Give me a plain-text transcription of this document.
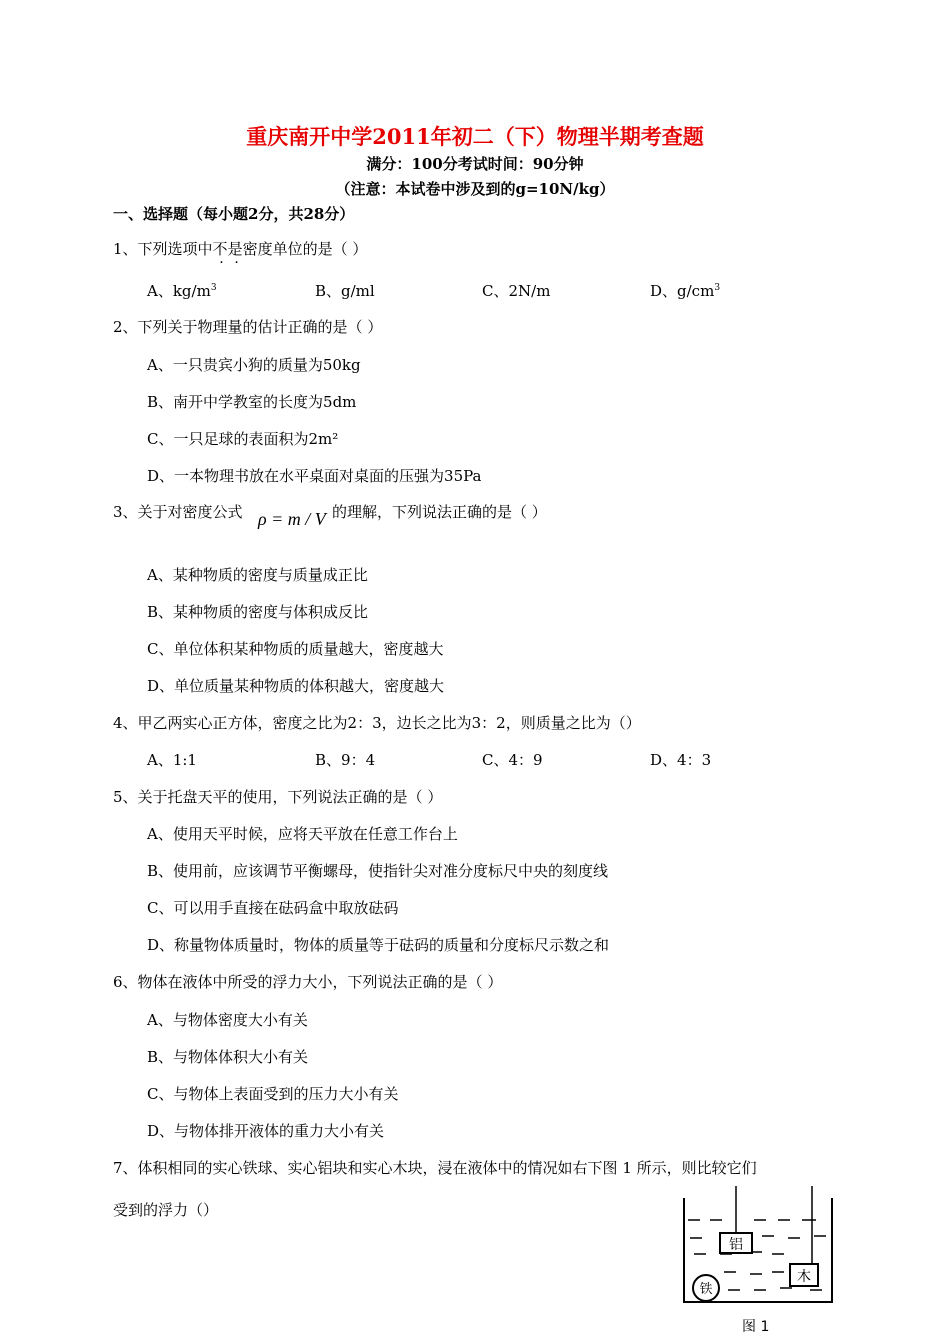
重庆南开中学2011年初二（下）物理半期考查题
满分：100分考试时间：90分钟
（注意：本试卷中涉及到的g=10N/kg）
一、选择题（每小题2分，共28分）
1、下列选项中不是密度单位的是（ ）
A、$kg/m^3$	B、g/ml	C、2N/m	D、$g/cm^3$
2、下列关于物理量的估计正确的是（ ）
A、一只贵宾小狗的质量为50kg
B、南开中学教室的长度为5dm
C、一只足球的表面积为2m²
D、一本物理书放在水平桌面对桌面的压强为35Pa
3、关于对密度公式 ρ = m / V 的理解，下列说法正确的是（ ）
A、某种物质的密度与质量成正比
B、某种物质的密度与体积成反比
C、单位体积某种物质的质量越大，密度越大
D、单位质量某种物质的体积越大，密度越大
4、甲乙两实心正方体，密度之比为2：3，边长之比为3：2，则质量之比为（）
A、1:1	B、9：4	C、4：9	D、4：3
5、关于托盘天平的使用，下列说法正确的是（ ）
A、使用天平时候，应将天平放在任意工作台上
B、使用前，应该调节平衡螺母，使指针尖对准分度标尺中央的刻度线
C、可以用手直接在砝码盒中取放砝码
D、称量物体质量时，物体的质量等于砝码的质量和分度标尺示数之和
6、物体在液体中所受的浮力大小，下列说法正确的是（ ）
A、与物体密度大小有关
B、与物体体积大小有关
C、与物体上表面受到的压力大小有关
D、与物体排开液体的重力大小有关
7、体积相同的实心铁球、实心铝块和实心木块，浸在液体中的情况如右下图 1 所示，则比较它们
受到的浮力（）
铝
木
铁
图 1
